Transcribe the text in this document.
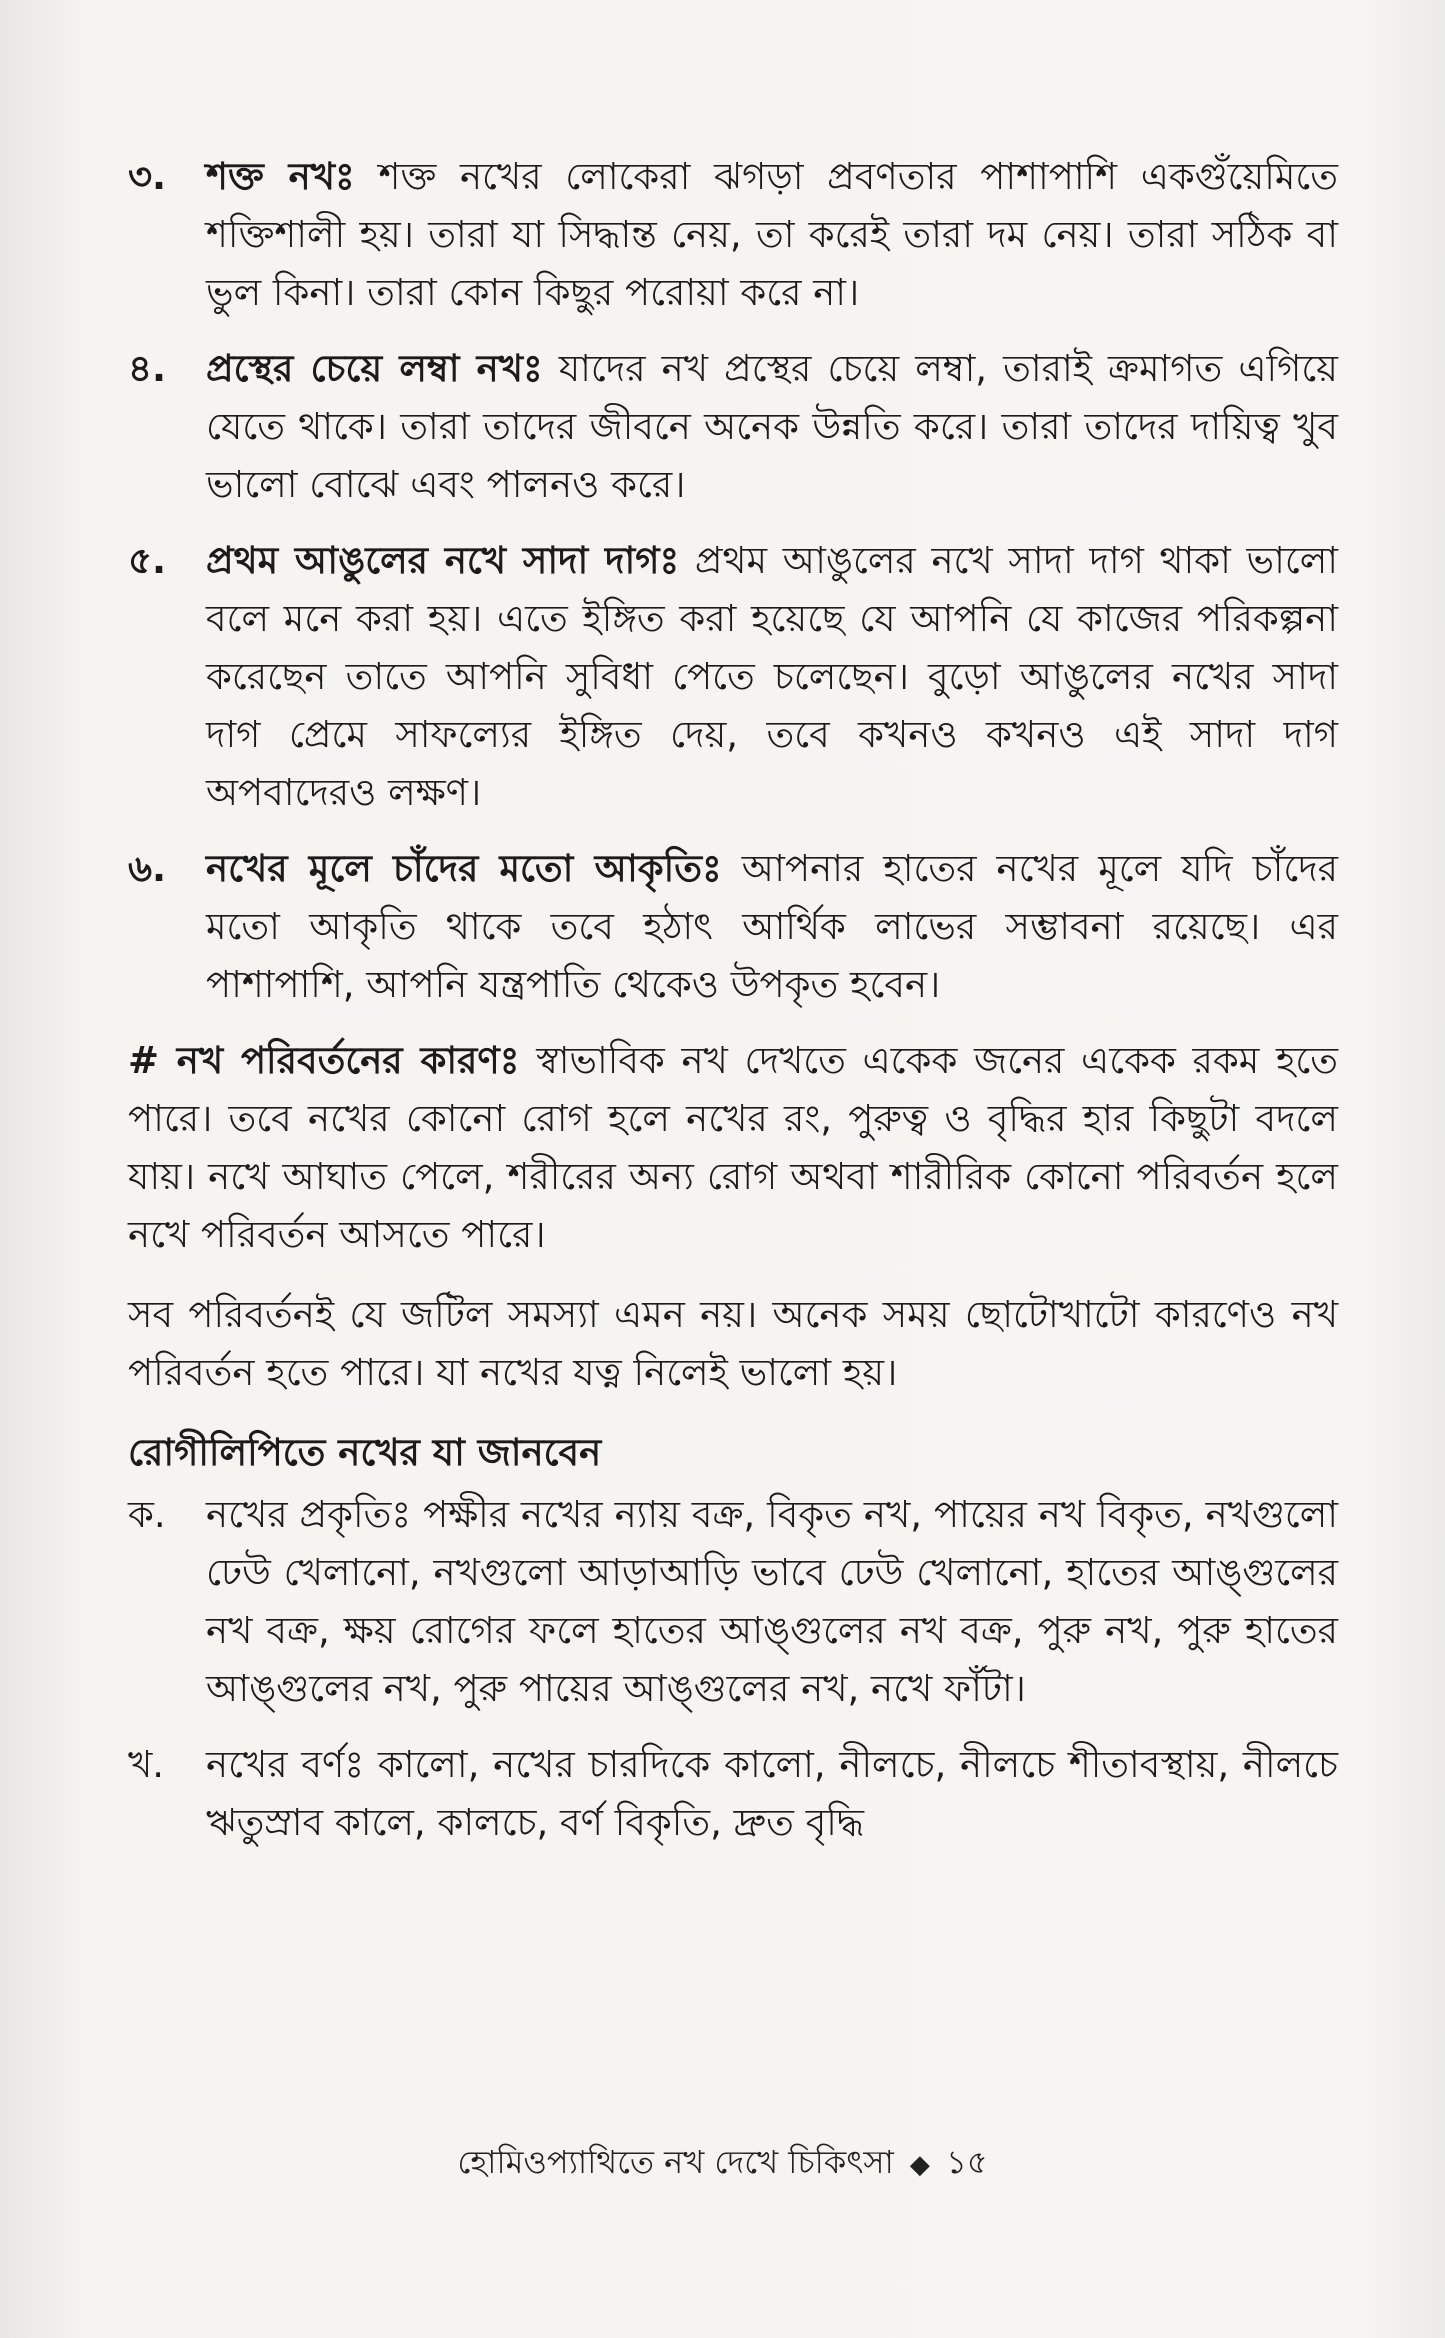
৩. শক্ত নখঃ শক্ত নখের লোকেরা ঝগড়া প্রবণতার পাশাপাশি একগুঁয়েমিতে শক্তিশালী হয়। তারা যা সিদ্ধান্ত নেয়, তা করেই তারা দম নেয়। তারা সঠিক বা ভুল কিনা। তারা কোন কিছুর পরোয়া করে না।

৪. প্রস্থের চেয়ে লম্বা নখঃ যাদের নখ প্রস্থের চেয়ে লম্বা, তারাই ক্রমাগত এগিয়ে যেতে থাকে। তারা তাদের জীবনে অনেক উন্নতি করে। তারা তাদের দায়িত্ব খুব ভালো বোঝে এবং পালনও করে।

৫. প্রথম আঙুলের নখে সাদা দাগঃ প্রথম আঙুলের নখে সাদা দাগ থাকা ভালো বলে মনে করা হয়। এতে ইঙ্গিত করা হয়েছে যে আপনি যে কাজের পরিকল্পনা করেছেন তাতে আপনি সুবিধা পেতে চলেছেন। বুড়ো আঙুলের নখের সাদা দাগ প্রেমে সাফল্যের ইঙ্গিত দেয়, তবে কখনও কখনও এই সাদা দাগ অপবাদেরও লক্ষণ।

৬. নখের মূলে চাঁদের মতো আকৃতিঃ আপনার হাতের নখের মূলে যদি চাঁদের মতো আকৃতি থাকে তবে হঠাৎ আর্থিক লাভের সম্ভাবনা রয়েছে। এর পাশাপাশি, আপনি যন্ত্রপাতি থেকেও উপকৃত হবেন।

# নখ পরিবর্তনের কারণঃ স্বাভাবিক নখ দেখতে একেক জনের একেক রকম হতে পারে। তবে নখের কোনো রোগ হলে নখের রং, পুরুত্ব ও বৃদ্ধির হার কিছুটা বদলে যায়। নখে আঘাত পেলে, শরীরের অন্য রোগ অথবা শারীরিক কোনো পরিবর্তন হলে নখে পরিবর্তন আসতে পারে।

সব পরিবর্তনই যে জটিল সমস্যা এমন নয়। অনেক সময় ছোটোখাটো কারণেও নখ পরিবর্তন হতে পারে। যা নখের যত্ন নিলেই ভালো হয়।

রোগীলিপিতে নখের যা জানবেন
ক. নখের প্রকৃতিঃ পক্ষীর নখের ন্যায় বক্র, বিকৃত নখ, পায়ের নখ বিকৃত, নখগুলো ঢেউ খেলানো, নখগুলো আড়াআড়ি ভাবে ঢেউ খেলানো, হাতের আঙ্গুলের নখ বক্র, ক্ষয় রোগের ফলে হাতের আঙ্গুলের নখ বক্র, পুরু নখ, পুরু হাতের আঙ্গুলের নখ, পুরু পায়ের আঙ্গুলের নখ, নখে ফাঁটা।

খ. নখের বর্ণঃ কালো, নখের চারদিকে কালো, নীলচে, নীলচে শীতাবস্থায়, নীলচে ঋতুস্রাব কালে, কালচে, বর্ণ বিকৃতি, দ্রুত বৃদ্ধি

হোমিওপ্যাথিতে নখ দেখে চিকিৎসা ◆ ১৫
